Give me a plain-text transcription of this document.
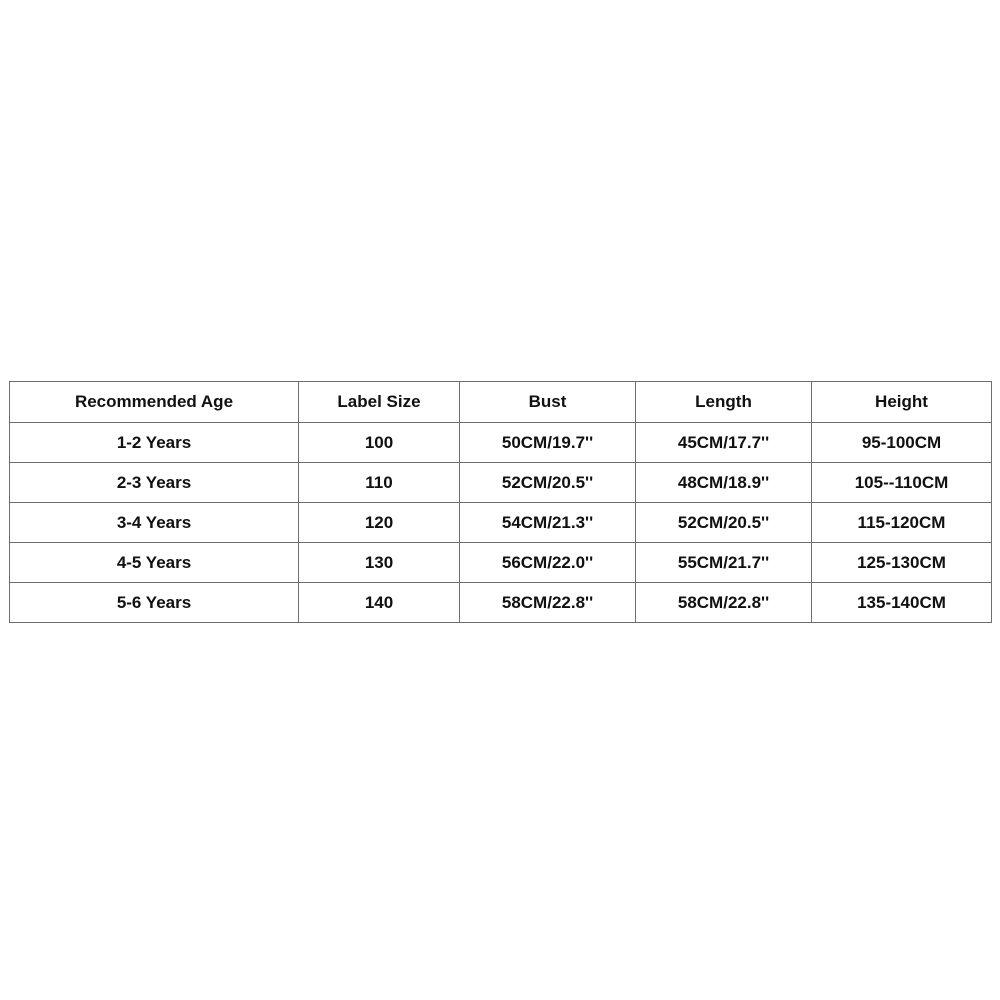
Recommended Age	Label Size	Bust	Length	Height
1-2 Years	100	50CM/19.7''	45CM/17.7''	95-100CM
2-3 Years	110	52CM/20.5''	48CM/18.9''	105--110CM
3-4 Years	120	54CM/21.3''	52CM/20.5''	115-120CM
4-5 Years	130	56CM/22.0''	55CM/21.7''	125-130CM
5-6 Years	140	58CM/22.8''	58CM/22.8''	135-140CM
